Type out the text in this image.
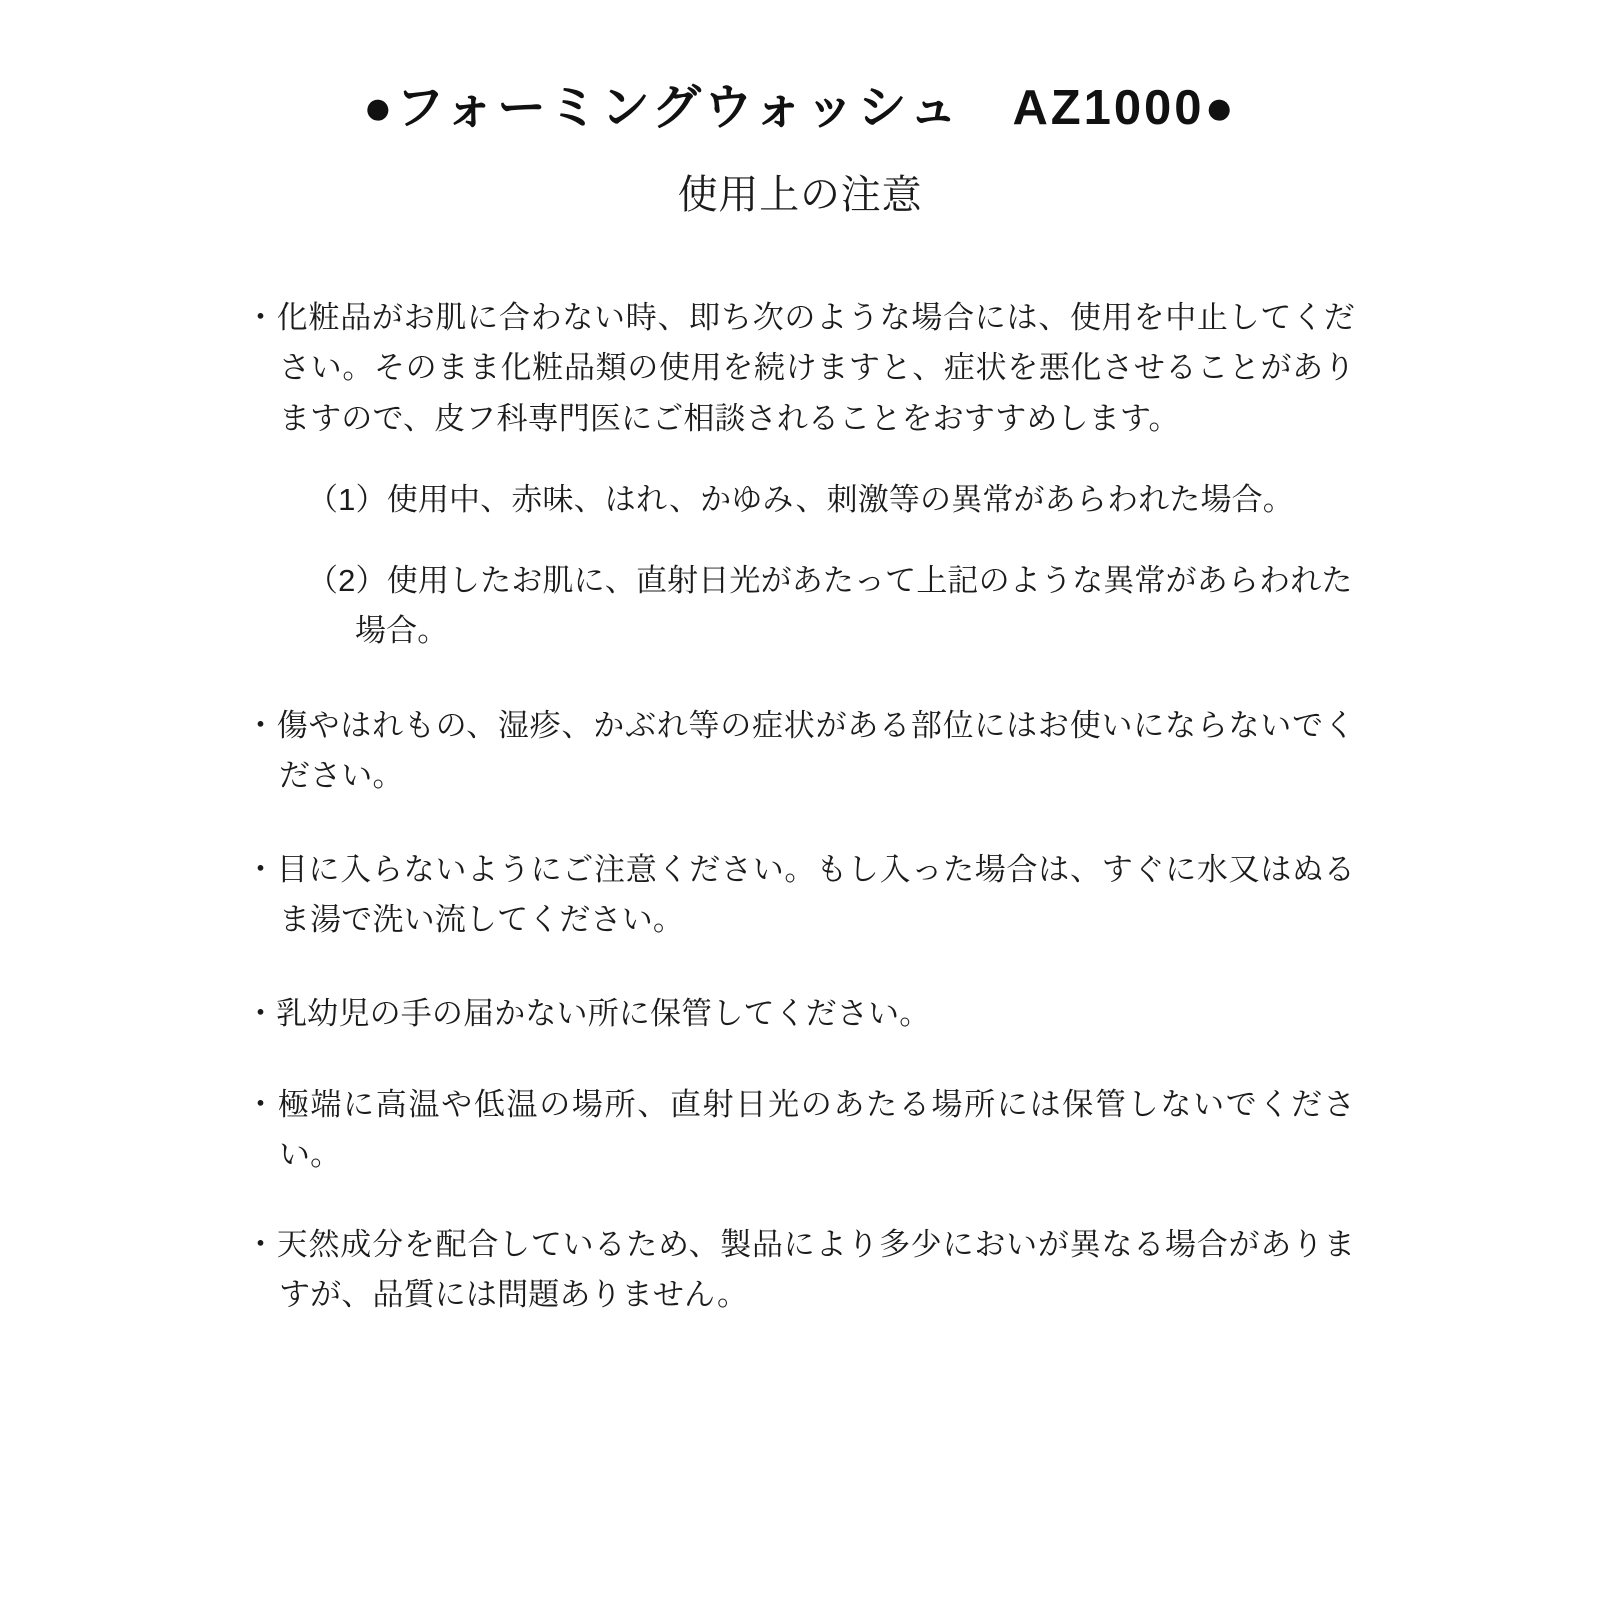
●フォーミングウォッシュ　AZ1000●
使用上の注意

・化粧品がお肌に合わない時、即ち次のような場合には、使用を中止してください。そのまま化粧品類の使用を続けますと、症状を悪化させることがありますので、皮フ科専門医にご相談されることをおすすめします。

（1）使用中、赤味、はれ、かゆみ、刺激等の異常があらわれた場合。

（2）使用したお肌に、直射日光があたって上記のような異常があらわれた場合。

・傷やはれもの、湿疹、かぶれ等の症状がある部位にはお使いにならないでください。

・目に入らないようにご注意ください。もし入った場合は、すぐに水又はぬるま湯で洗い流してください。

・乳幼児の手の届かない所に保管してください。

・極端に高温や低温の場所、直射日光のあたる場所には保管しないでください。

・天然成分を配合しているため、製品により多少においが異なる場合がありますが、品質には問題ありません。
